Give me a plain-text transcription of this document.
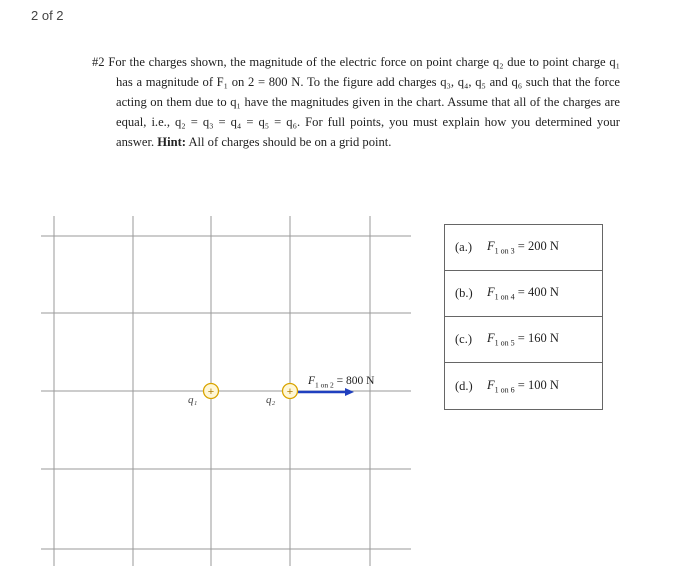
2 of 2

#2 For the charges shown, the magnitude of the electric force on point charge q₂ due to point charge q₁ has a magnitude of F₁ on 2 = 800 N. To the figure add charges q₃, q₄, q₅ and q₆ such that the force acting on them due to q₁ have the magnitudes given in the chart. Assume that all of the charges are equal, i.e., q₂ = q₃ = q₄ = q₅ = q₆. For full points, you must explain how you determined your answer. Hint: All of charges should be on a grid point.

+	+
q₁	q₂
$F_{1 on 2} = 800$ N
(a.)	$F_{1 on 3} = 200$ N
(b.)	$F_{1 on 4} = 400$ N
(c.)	$F_{1 on 5} = 160$ N
(d.)	$F_{1 on 6} = 100$ N
